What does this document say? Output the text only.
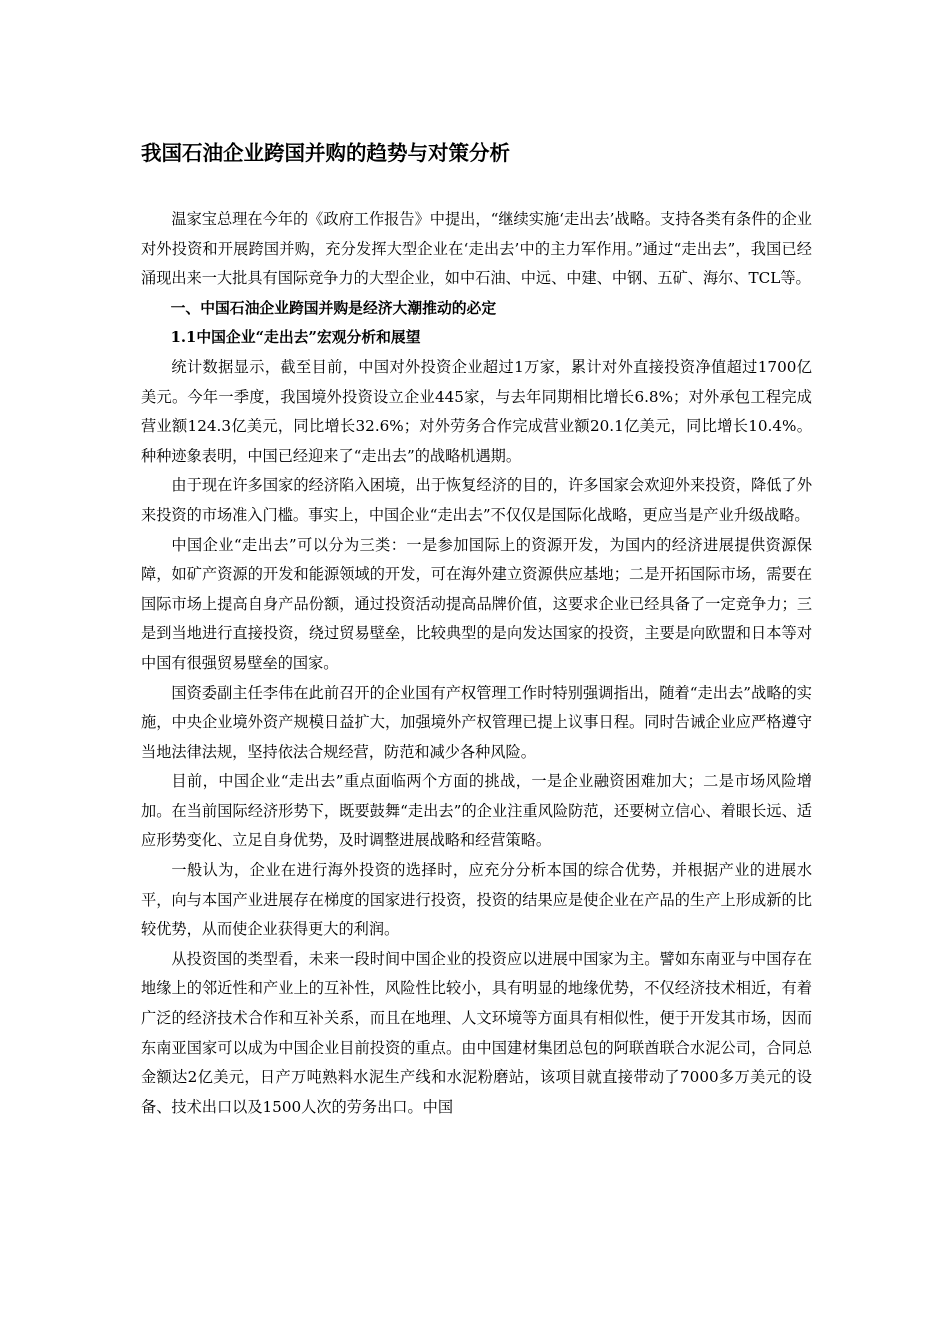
我国石油企业跨国并购的趋势与对策分析

温家宝总理在今年的《政府工作报告》中提出，“继续实施‘走出去’战略。支持各类有条件的企业对外投资和开展跨国并购，充分发挥大型企业在‘走出去’中的主力军作用。”通过“走出去”，我国已经涌现出来一大批具有国际竞争力的大型企业，如中石油、中远、中建、中钢、五矿、海尔、TCL等。

一、中国石油企业跨国并购是经济大潮推动的必定
1.1中国企业“走出去”宏观分析和展望

统计数据显示，截至目前，中国对外投资企业超过1万家，累计对外直接投资净值超过1700亿美元。今年一季度，我国境外投资设立企业445家，与去年同期相比增长6.8%；对外承包工程完成营业额124.3亿美元，同比增长32.6%；对外劳务合作完成营业额20.1亿美元，同比增长10.4%。种种迹象表明，中国已经迎来了“走出去”的战略机遇期。

由于现在许多国家的经济陷入困境，出于恢复经济的目的，许多国家会欢迎外来投资，降低了外来投资的市场准入门槛。事实上，中国企业“走出去”不仅仅是国际化战略，更应当是产业升级战略。

中国企业“走出去”可以分为三类：一是参加国际上的资源开发，为国内的经济进展提供资源保障，如矿产资源的开发和能源领域的开发，可在海外建立资源供应基地；二是开拓国际市场，需要在国际市场上提高自身产品份额，通过投资活动提高品牌价值，这要求企业已经具备了一定竞争力；三是到当地进行直接投资，绕过贸易壁垒，比较典型的是向发达国家的投资，主要是向欧盟和日本等对中国有很强贸易壁垒的国家。

国资委副主任李伟在此前召开的企业国有产权管理工作时特别强调指出，随着“走出去”战略的实施，中央企业境外资产规模日益扩大，加强境外产权管理已提上议事日程。同时告诫企业应严格遵守当地法律法规，坚持依法合规经营，防范和减少各种风险。

目前，中国企业“走出去”重点面临两个方面的挑战，一是企业融资困难加大；二是市场风险增加。在当前国际经济形势下，既要鼓舞“走出去”的企业注重风险防范，还要树立信心、着眼长远、适应形势变化、立足自身优势，及时调整进展战略和经营策略。

一般认为，企业在进行海外投资的选择时，应充分分析本国的综合优势，并根据产业的进展水平，向与本国产业进展存在梯度的国家进行投资，投资的结果应是使企业在产品的生产上形成新的比较优势，从而使企业获得更大的利润。

从投资国的类型看，未来一段时间中国企业的投资应以进展中国家为主。譬如东南亚与中国存在地缘上的邻近性和产业上的互补性，风险性比较小，具有明显的地缘优势，不仅经济技术相近，有着广泛的经济技术合作和互补关系，而且在地理、人文环境等方面具有相似性，便于开发其市场，因而东南亚国家可以成为中国企业目前投资的重点。由中国建材集团总包的阿联酋联合水泥公司，合同总金额达2亿美元，日产万吨熟料水泥生产线和水泥粉磨站，该项目就直接带动了7000多万美元的设备、技术出口以及1500人次的劳务出口。中国
